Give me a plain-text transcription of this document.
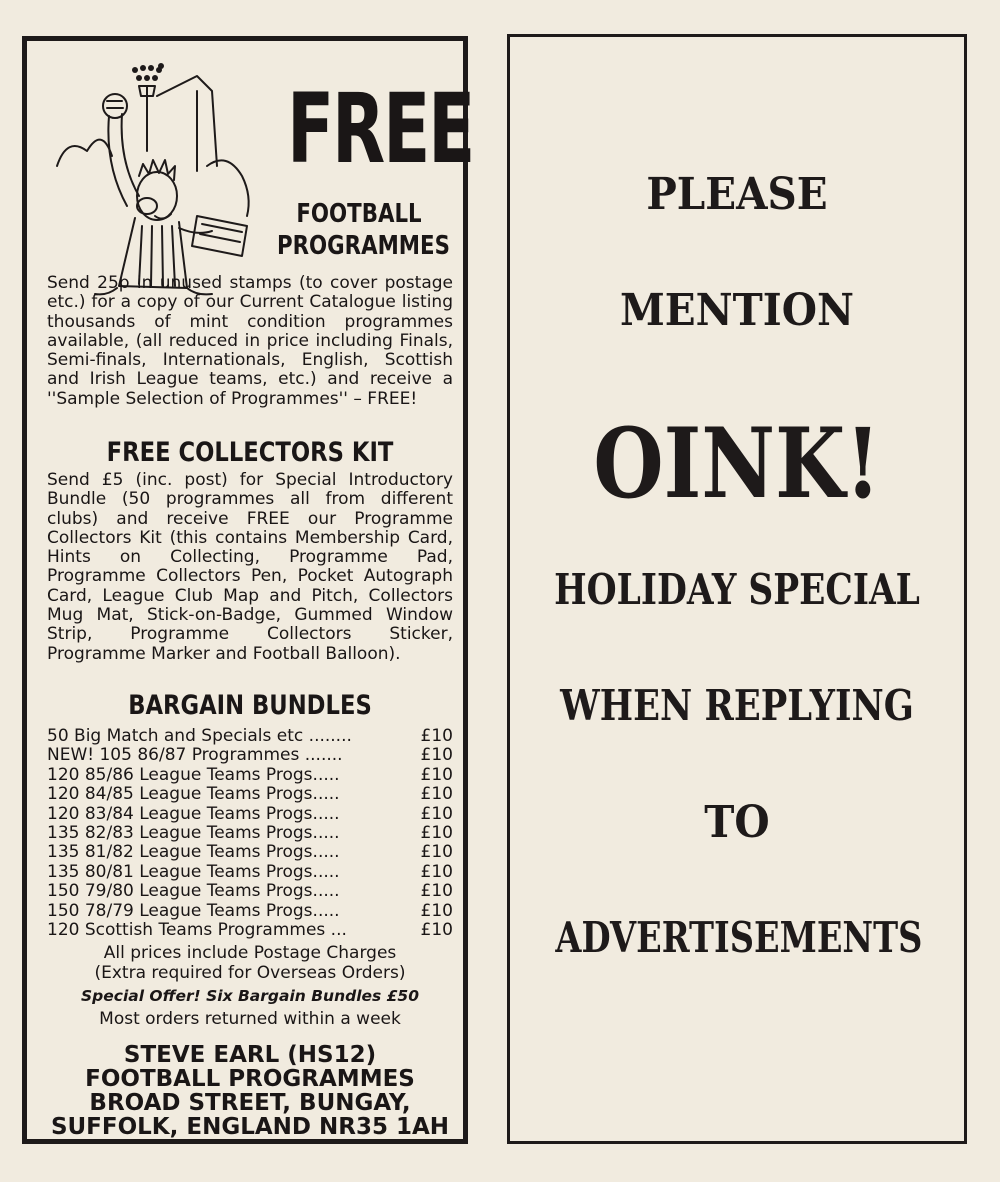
FREE
FOOTBALL
PROGRAMMES
Send 25p in unused stamps (to cover postage etc.) for a copy of our Current Catalogue listing thousands of mint condition programmes available, (all reduced in price including Finals, Semi-finals, Internationals, English, Scottish and Irish League teams, etc.) and receive a ''Sample Selection of Programmes'' – FREE!
FREE COLLECTORS KIT
Send £5 (inc. post) for Special Introductory Bundle (50 programmes all from different clubs) and receive FREE our Programme Collectors Kit (this contains Membership Card, Hints on Collecting, Programme Pad, Programme Collectors Pen, Pocket Autograph Card, League Club Map and Pitch, Collectors Mug Mat, Stick-on-Badge, Gummed Window Strip, Programme Collectors Sticker, Programme Marker and Football Balloon).
BARGAIN BUNDLES
50 Big Match and Specials etc ........	£10
NEW! 105 86/87 Programmes .......	£10
120 85/86 League Teams Progs.....	£10
120 84/85 League Teams Progs.....	£10
120 83/84 League Teams Progs.....	£10
135 82/83 League Teams Progs.....	£10
135 81/82 League Teams Progs.....	£10
135 80/81 League Teams Progs.....	£10
150 79/80 League Teams Progs.....	£10
150 78/79 League Teams Progs.....	£10
120 Scottish Teams Programmes ...	£10
All prices include Postage Charges
(Extra required for Overseas Orders)
Special Offer! Six Bargain Bundles £50
Most orders returned within a week
STEVE EARL (HS12)
FOOTBALL PROGRAMMES
BROAD STREET, BUNGAY,
SUFFOLK, ENGLAND NR35 1AH
PLEASE
MENTION
OINK!
HOLIDAY SPECIAL
WHEN REPLYING
TO
ADVERTISEMENTS
